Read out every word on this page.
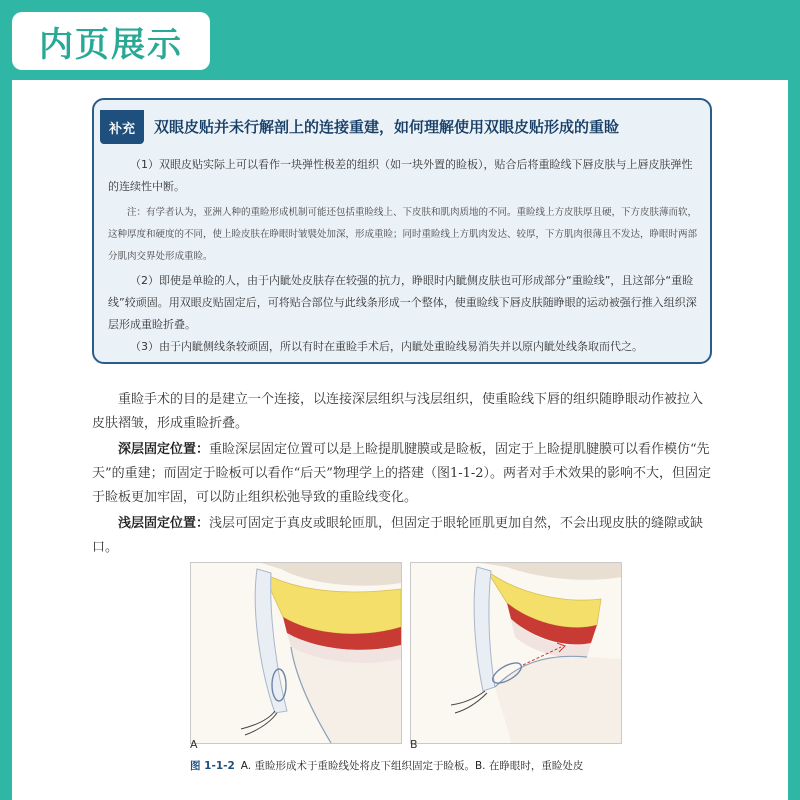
内页展示
补充	双眼皮贴并未行解剖上的连接重建，如何理解使用双眼皮贴形成的重睑

（1）双眼皮贴实际上可以看作一块弹性极差的组织（如一块外置的睑板），贴合后将重睑线下唇皮肤与上唇皮肤弹性的连续性中断。

注：有学者认为，亚洲人种的重睑形成机制可能还包括重睑线上、下皮肤和肌肉质地的不同。重睑线上方皮肤厚且硬，下方皮肤薄而软，这种厚度和硬度的不同，使上睑皮肤在睁眼时皱襞处加深，形成重睑；同时重睑线上方肌肉发达、较厚，下方肌肉很薄且不发达，睁眼时两部分肌肉交界处形成重睑。

（2）即使是单睑的人，由于内眦处皮肤存在较强的抗力，睁眼时内眦侧皮肤也可形成部分“重睑线”，且这部分“重睑线”较顽固。用双眼皮贴固定后，可将贴合部位与此线条形成一个整体，使重睑线下唇皮肤随睁眼的运动被强行推入组织深层形成重睑折叠。

（3）由于内眦侧线条较顽固，所以有时在重睑手术后，内眦处重睑线易消失并以原内眦处线条取而代之。

重睑手术的目的是建立一个连接，以连接深层组织与浅层组织，使重睑线下唇的组织随睁眼动作被拉入皮肤褶皱，形成重睑折叠。

深层固定位置：重睑深层固定位置可以是上睑提肌腱膜或是睑板，固定于上睑提肌腱膜可以看作模仿“先天”的重建；而固定于睑板可以看作“后天”物理学上的搭建（图1-1-2）。两者对手术效果的影响不大，但固定于睑板更加牢固，可以防止组织松弛导致的重睑线变化。

浅层固定位置：浅层可固定于真皮或眼轮匝肌，但固定于眼轮匝肌更加自然，不会出现皮肤的缝隙或缺口。

A	B
图 1-1-2 A. 重睑形成术于重睑线处将皮下组织固定于睑板。B. 在睁眼时，重睑处皮
